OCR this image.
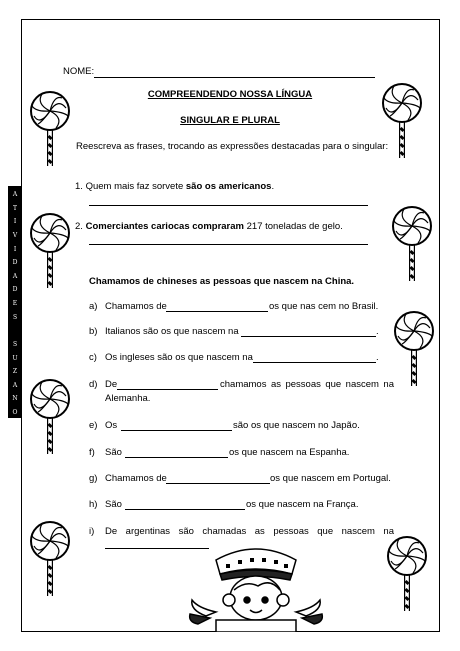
A
T
I
V
I
D
A
D
E
S

S
U
Z
A
N
O
NOME:
COMPREENDENDO NOSSA LÍNGUA
SINGULAR E PLURAL
Reescreva as frases, trocando as expressões destacadas para o singular:
1. Quem mais faz sorvete são os americanos.
2. Comerciantes cariocas compraram 217 toneladas de gelo.
Chamamos de chineses as pessoas que nascem na China.
a) Chamamos de	os que nas cem no Brasil.
b) Italianos são os que nascem na	.
c) Os ingleses são os que nascem na	.
d) De	chamamos as pessoas que nascem na
Alemanha.
e) Os	são os que nascem no Japão.
f) São	os que nascem na Espanha.
g) Chamamos de	os que nascem em Portugal.
h) São	os que nascem na França.
i) De argentinas são chamadas as pessoas que nascem na
